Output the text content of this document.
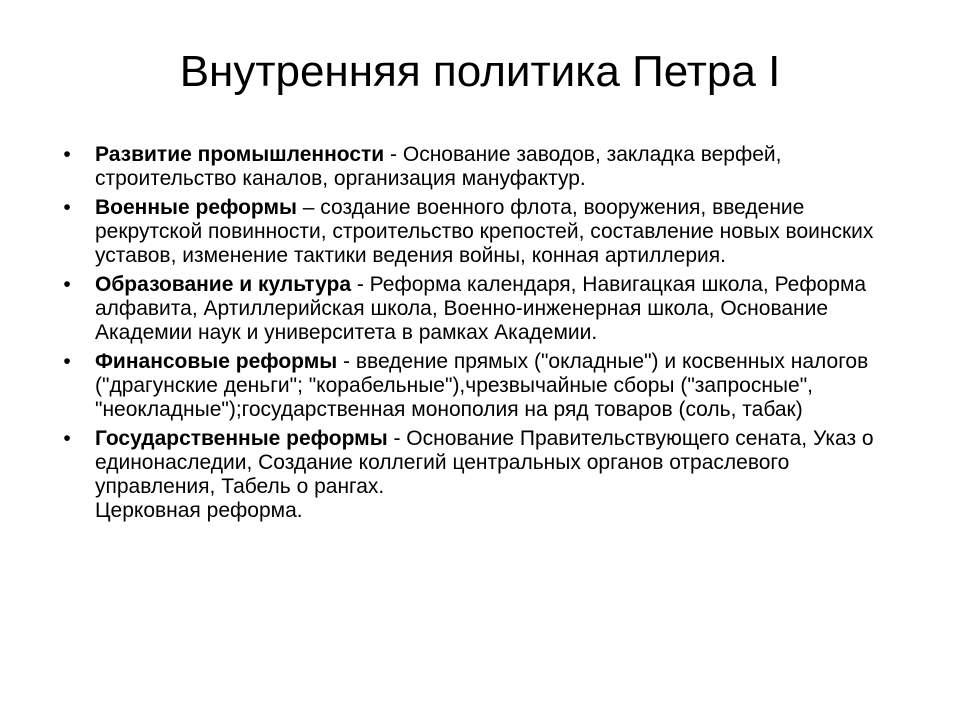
Внутренняя политика Петра I
•	Развитие промышленности - Основание заводов, закладка верфей, строительство каналов, организация мануфактур.
•	Военные реформы – создание военного флота, вооружения, введение рекрутской повинности, строительство крепостей, составление новых воинских уставов, изменение тактики ведения войны, конная артиллерия.
•	Образование и культура - Реформа календаря, Навигацкая школа, Реформа алфавита, Артиллерийская школа, Военно-инженерная школа, Основание Академии наук и университета в рамках Академии.
•	Финансовые реформы - введение прямых ("окладные") и косвенных налогов ("драгунские деньги"; "корабельные"),чрезвычайные сборы ("запросные", "неокладные");государственная монополия на ряд товаров (соль, табак)
•	Государственные реформы - Основание Правительствующего сената, Указ о единонаследии, Создание коллегий центральных органов отраслевого управления, Табель о рангах.
Церковная реформа.
